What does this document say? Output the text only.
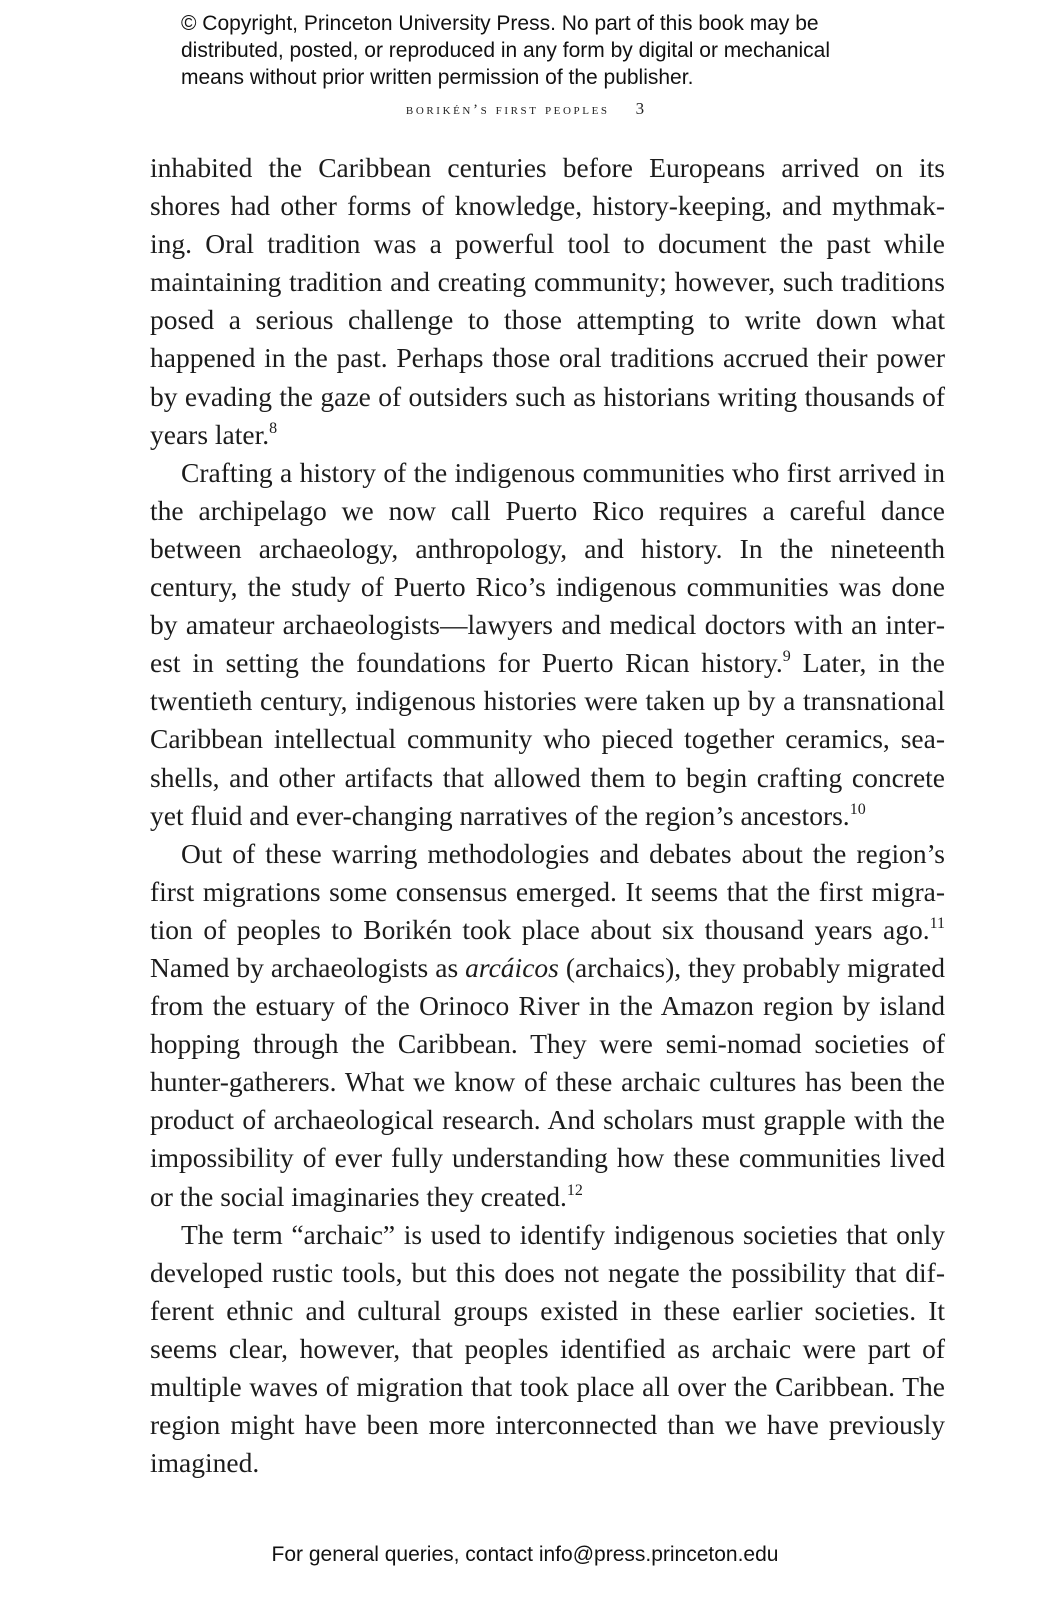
© Copyright, Princeton University Press. No part of this book may be
distributed, posted, or reproduced in any form by digital or mechanical
means without prior written permission of the publisher.
borikén’s first peoples 3

inhabited the Caribbean centuries before Europeans arrived on its shores had other forms of knowledge, history-keeping, and mythmaking. Oral tradition was a powerful tool to document the past while maintaining tradition and creating community; however, such traditions posed a serious challenge to those attempting to write down what happened in the past. Perhaps those oral traditions accrued their power by evading the gaze of outsiders such as historians writing thousands of years later.$^8$

Crafting a history of the indigenous communities who first arrived in the archipelago we now call Puerto Rico requires a careful dance between archaeology, anthropology, and history. In the nineteenth century, the study of Puerto Rico’s indigenous communities was done by amateur archaeologists—lawyers and medical doctors with an interest in setting the foundations for Puerto Rican history.$^9$ Later, in the twentieth century, indigenous histories were taken up by a transnational Caribbean intellectual community who pieced together ceramics, seashells, and other artifacts that allowed them to begin crafting concrete yet fluid and ever-changing narratives of the region’s ancestors.$^{10}$

Out of these warring methodologies and debates about the region’s first migrations some consensus emerged. It seems that the first migration of peoples to Borikén took place about six thousand years ago.$^{11}$ Named by archaeologists as arcáicos (archaics), they probably migrated from the estuary of the Orinoco River in the Amazon region by island hopping through the Caribbean. They were semi-nomad societies of hunter-gatherers. What we know of these archaic cultures has been the product of archaeological research. And scholars must grapple with the impossibility of ever fully understanding how these communities lived or the social imaginaries they created.$^{12}$

The term “archaic” is used to identify indigenous societies that only developed rustic tools, but this does not negate the possibility that different ethnic and cultural groups existed in these earlier societies. It seems clear, however, that peoples identified as archaic were part of multiple waves of migration that took place all over the Caribbean. The region might have been more interconnected than we have previously imagined.

For general queries, contact info@press.princeton.edu
